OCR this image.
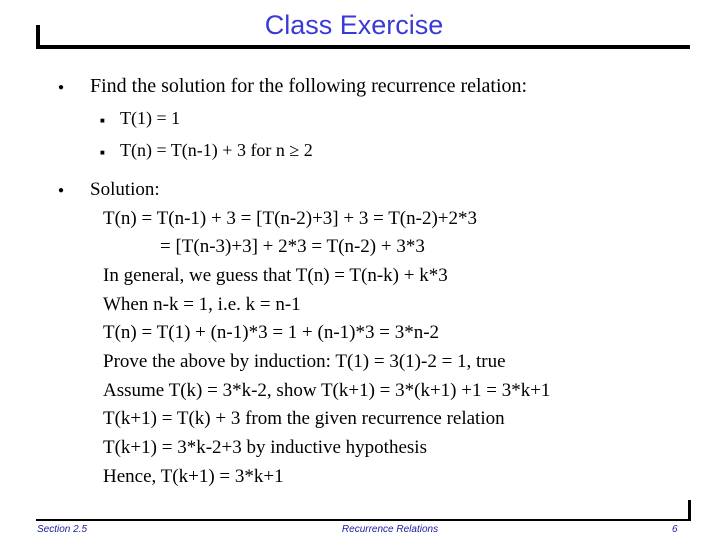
Class Exercise
● Find the solution for the following recurrence relation:
■ T(1) = 1
■ T(n) = T(n-1) + 3 for n ≥ 2
● Solution:
T(n) = T(n-1) + 3 = [T(n-2)+3] + 3 = T(n-2)+2*3
= [T(n-3)+3] + 2*3 = T(n-2) + 3*3
In general, we guess that T(n) = T(n-k) + k*3
When n-k = 1, i.e. k = n-1
T(n) = T(1) + (n-1)*3 = 1 + (n-1)*3 = 3*n-2
Prove the above by induction: T(1) = 3(1)-2 = 1, true
Assume T(k) = 3*k-2, show T(k+1) = 3*(k+1) +1 = 3*k+1
T(k+1) = T(k) + 3 from the given recurrence relation
T(k+1) = 3*k-2+3 by inductive hypothesis
Hence, T(k+1) = 3*k+1
Section 2.5	Recurrence Relations	6
